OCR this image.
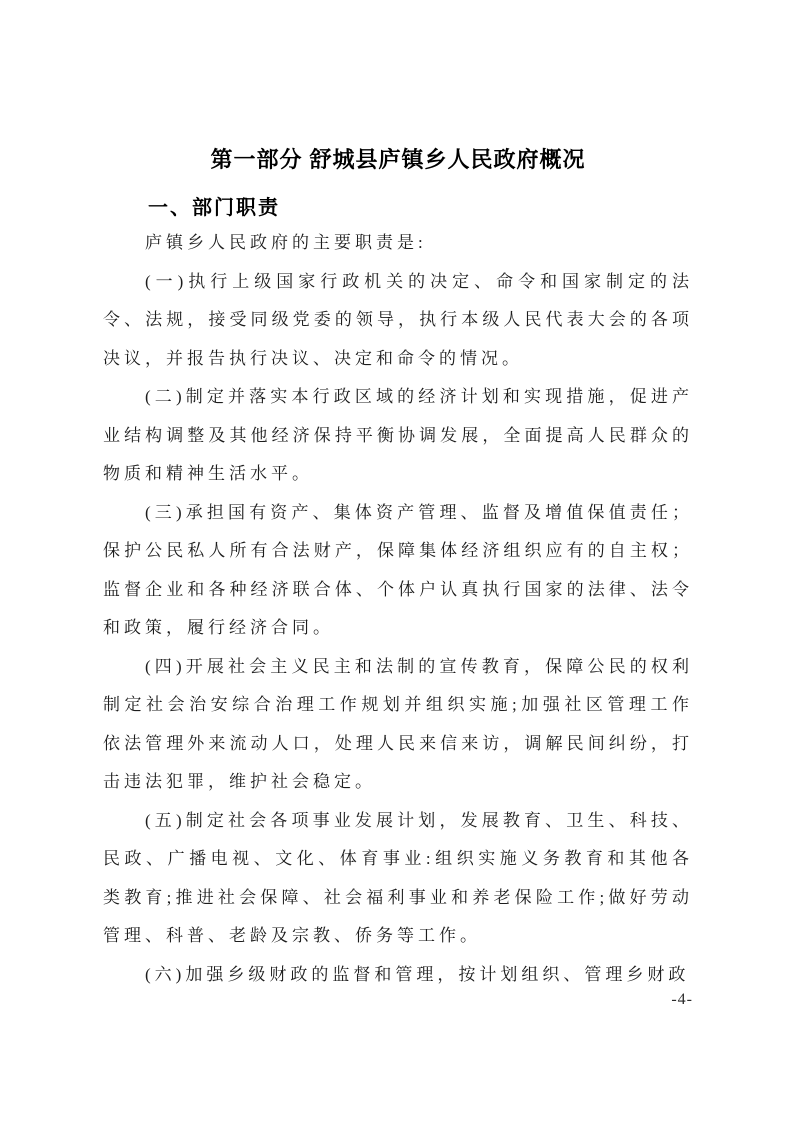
第一部分 舒城县庐镇乡人民政府概况
一、部门职责

庐镇乡人民政府的主要职责是:

(一)执行上级国家行政机关的决定、命令和国家制定的法令、法规，接受同级党委的领导，执行本级人民代表大会的各项决议，并报告执行决议、决定和命令的情况。

(二)制定并落实本行政区域的经济计划和实现措施，促进产业结构调整及其他经济保持平衡协调发展，全面提高人民群众的物质和精神生活水平。

(三)承担国有资产、集体资产管理、监督及增值保值责任；保护公民私人所有合法财产，保障集体经济组织应有的自主权；监督企业和各种经济联合体、个体户认真执行国家的法律、法令和政策，履行经济合同。

(四)开展社会主义民主和法制的宣传教育，保障公民的权利制定社会治安综合治理工作规划并组织实施;加强社区管理工作依法管理外来流动人口，处理人民来信来访，调解民间纠纷，打击违法犯罪，维护社会稳定。

(五)制定社会各项事业发展计划，发展教育、卫生、科技、民政、广播电视、文化、体育事业:组织实施义务教育和其他各类教育;推进社会保障、社会福利事业和养老保险工作;做好劳动管理、科普、老龄及宗教、侨务等工作。

(六)加强乡级财政的监督和管理，按计划组织、管理乡财政

-4-
